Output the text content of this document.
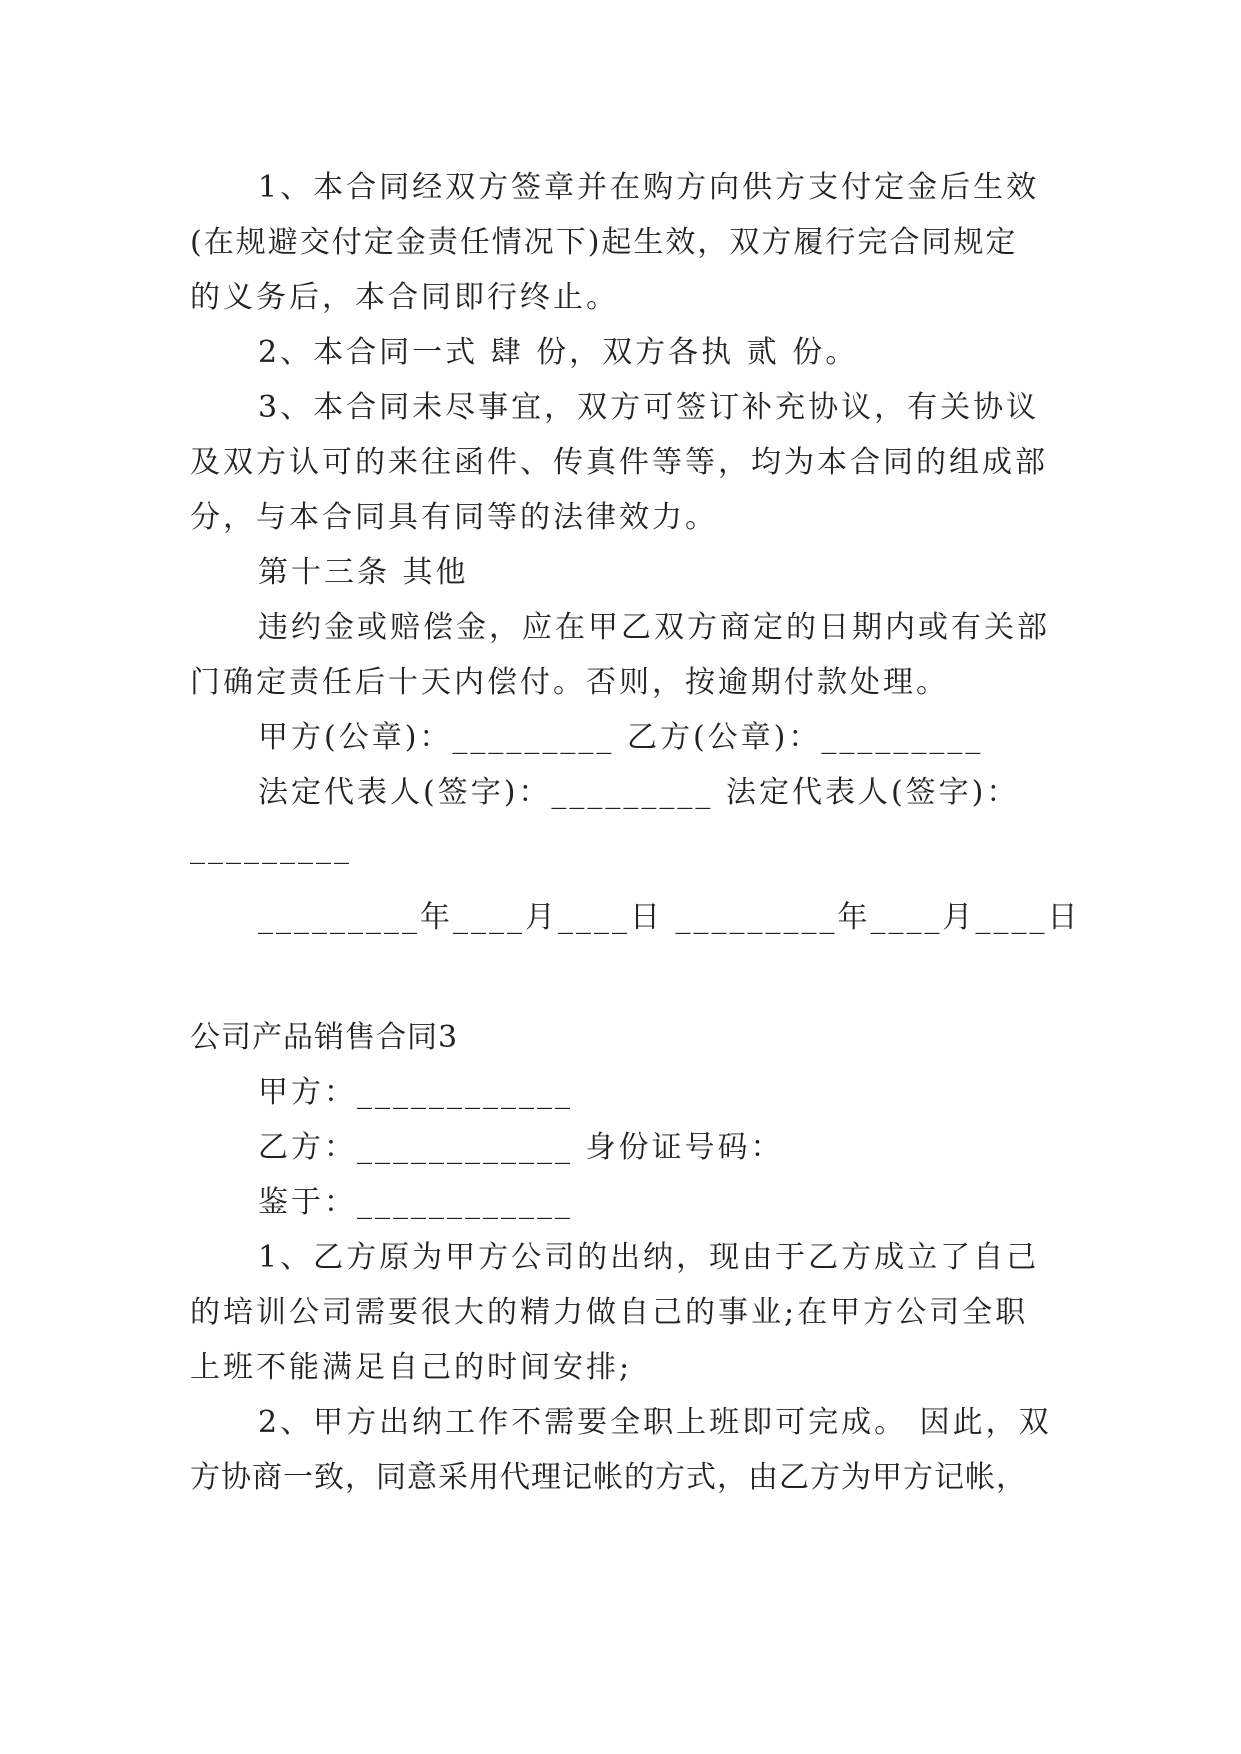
1、本合同经双方签章并在购方向供方支付定金后生效
(在规避交付定金责任情况下)起生效，双方履行完合同规定
的义务后，本合同即行终止。
2、本合同一式 肆 份，双方各执 贰 份。
3、本合同未尽事宜，双方可签订补充协议，有关协议
及双方认可的来往函件、传真件等等，均为本合同的组成部
分，与本合同具有同等的法律效力。
第十三条 其他
违约金或赔偿金，应在甲乙双方商定的日期内或有关部
门确定责任后十天内偿付。否则，按逾期付款处理。
甲方(公章)：_________ 乙方(公章)：_________
法定代表人(签字)：_________ 法定代表人(签字)：
_________
_________年____月____日 _________年____月____日
公司产品销售合同3
甲方：____________
乙方：____________ 身份证号码：
鉴于：____________
1、乙方原为甲方公司的出纳，现由于乙方成立了自己
的培训公司需要很大的精力做自己的事业;在甲方公司全职
上班不能满足自己的时间安排;
2、甲方出纳工作不需要全职上班即可完成。 因此，双
方协商一致，同意采用代理记帐的方式，由乙方为甲方记帐，
